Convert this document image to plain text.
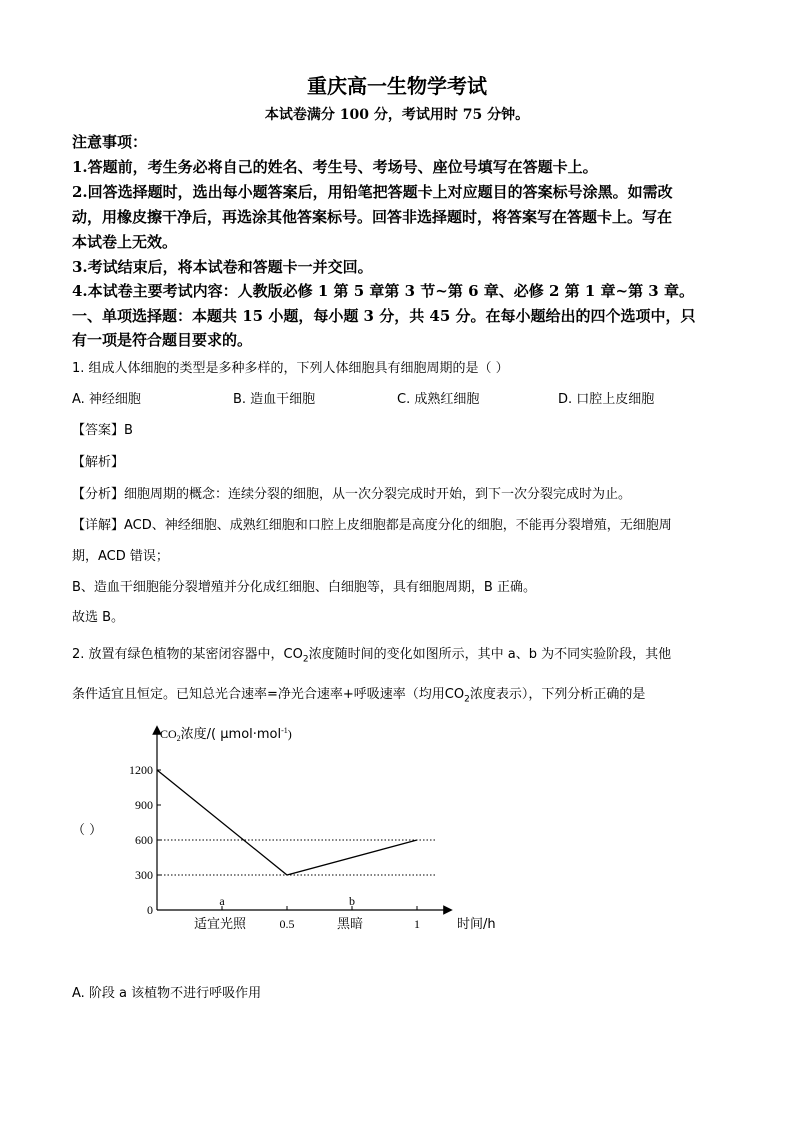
重庆高一生物学考试
本试卷满分 100 分，考试用时 75 分钟。
注意事项：
1.答题前，考生务必将自己的姓名、考生号、考场号、座位号填写在答题卡上。
2.回答选择题时，选出每小题答案后，用铅笔把答题卡上对应题目的答案标号涂黑。如需改
动，用橡皮擦干净后，再选涂其他答案标号。回答非选择题时，将答案写在答题卡上。写在
本试卷上无效。
3.考试结束后，将本试卷和答题卡一并交回。
4.本试卷主要考试内容：人教版必修 1 第 5 章第 3 节~第 6 章、必修 2 第 1 章~第 3 章。
一、单项选择题：本题共 15 小题，每小题 3 分，共 45 分。在每小题给出的四个选项中，只
有一项是符合题目要求的。
1. 组成人体细胞的类型是多种多样的，下列人体细胞具有细胞周期的是（ ）
A. 神经细胞	B. 造血干细胞	C. 成熟红细胞	D. 口腔上皮细胞
【答案】B
【解析】
【分析】细胞周期的概念：连续分裂的细胞，从一次分裂完成时开始，到下一次分裂完成时为止。
【详解】ACD、神经细胞、成熟红细胞和口腔上皮细胞都是高度分化的细胞，不能再分裂增殖，无细胞周
期，ACD 错误；
B、造血干细胞能分裂增殖并分化成红细胞、白细胞等，具有细胞周期，B 正确。
故选 B。
2. 放置有绿色植物的某密闭容器中，$CO_2$浓度随时间的变化如图所示，其中 a、b 为不同实验阶段，其他
条件适宜且恒定。已知总光合速率=净光合速率+呼吸速率（均用$CO_2$浓度表示），下列分析正确的是
（ ）
$CO_2$浓度/( μmol·mol$^{-1}$)
1200
900
600
300
0
0.5	1
a
适宜光照
b
黑暗	时间/h
A. 阶段 a 该植物不进行呼吸作用
